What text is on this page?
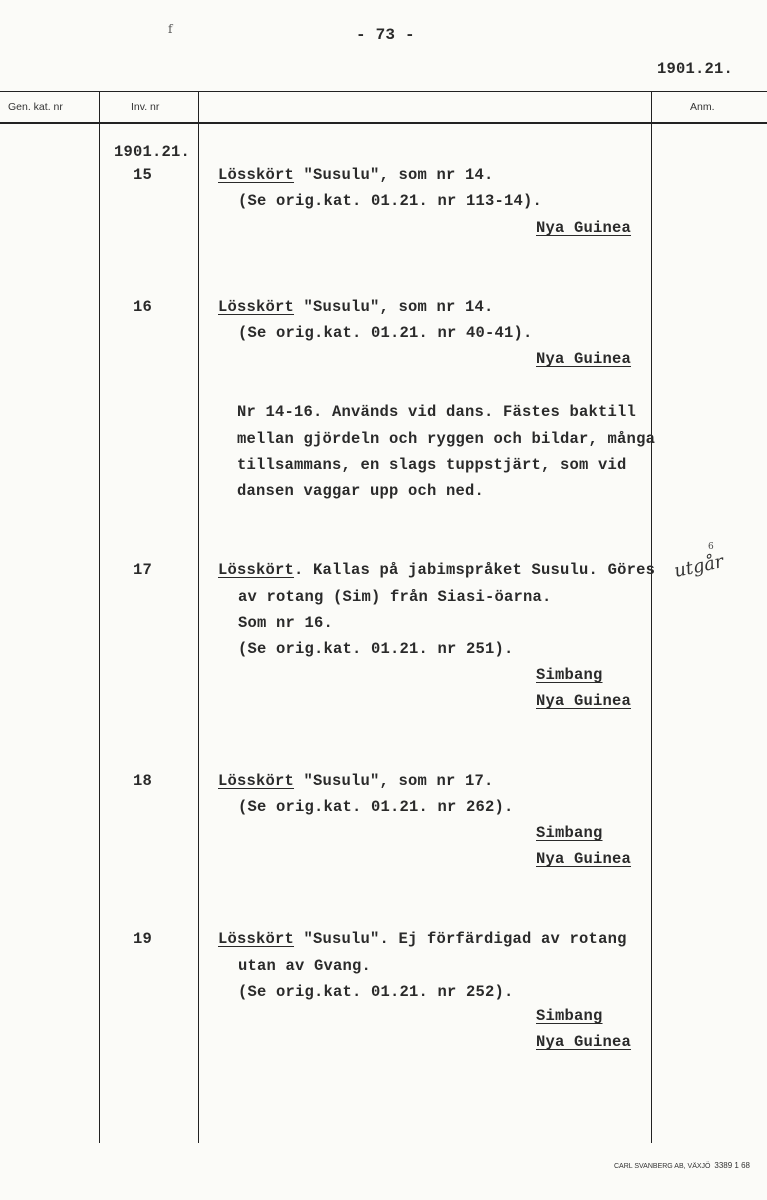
f	- 73 -
1901.21.
Gen. kat. nr	Inv. nr	Anm.
1901.21.
15	Lösskört "Susulu", som nr 14.
(Se orig.kat. 01.21. nr 113-14).
Nya Guinea
16	Lösskört "Susulu", som nr 14.
(Se orig.kat. 01.21. nr 40-41).
Nya Guinea
Nr 14-16. Används vid dans. Fästes baktill
mellan gjördeln och ryggen och bildar, många
tillsammans, en slags tuppstjärt, som vid
dansen vaggar upp och ned.
17	Lösskört. Kallas på jabimspråket Susulu. Göres
av rotang (Sim) från Siasi-öarna.
Som nr 16.
(Se orig.kat. 01.21. nr 251).
Simbang
Nya Guinea
utgår
6
18	Lösskört "Susulu", som nr 17.
(Se orig.kat. 01.21. nr 262).
Simbang
Nya Guinea
19	Lösskört "Susulu". Ej förfärdigad av rotang
utan av Gvang.
(Se orig.kat. 01.21. nr 252).
Simbang
Nya Guinea
CARL SVANBERG AB, VÄXJÖ 3389 1 68
